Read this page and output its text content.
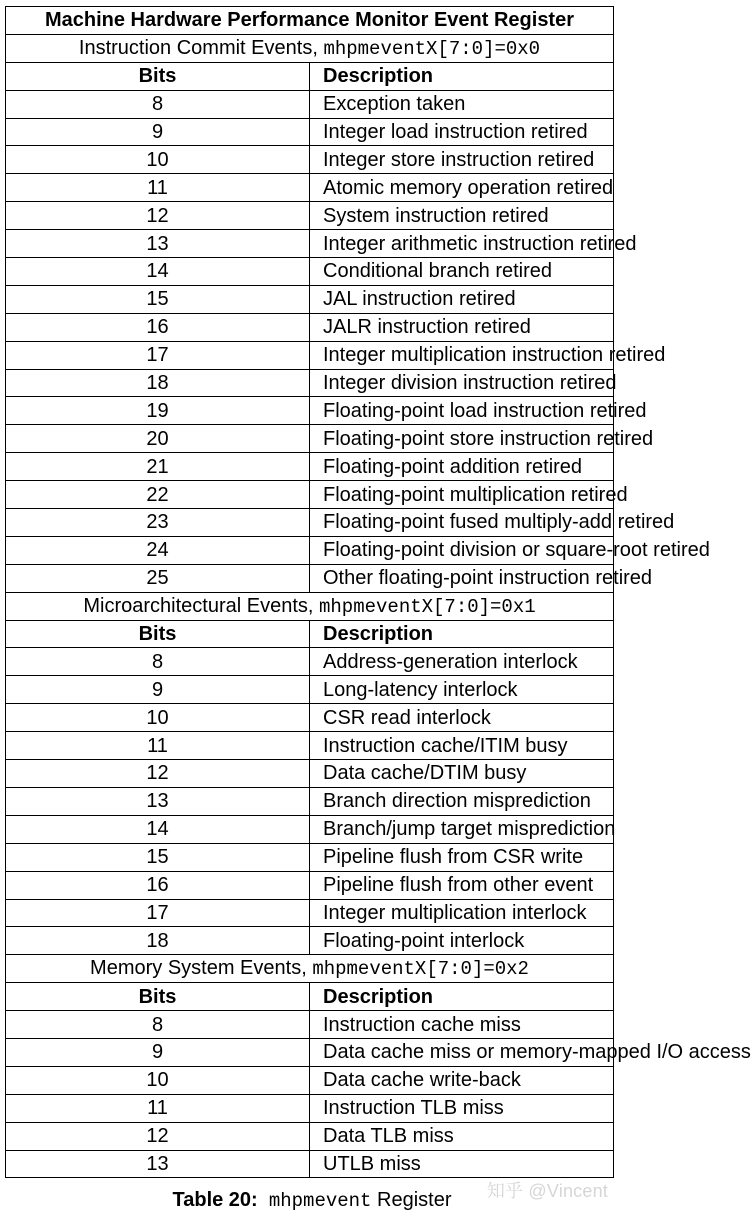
Machine Hardware Performance Monitor Event Register	
Instruction Commit Events, mhpmeventX[7:0]=0x0	
Bits	Description
8	Exception taken
9	Integer load instruction retired
10	Integer store instruction retired
11	Atomic memory operation retired
12	System instruction retired
13	Integer arithmetic instruction retired
14	Conditional branch retired
15	JAL instruction retired
16	JALR instruction retired
17	Integer multiplication instruction retired
18	Integer division instruction retired
19	Floating-point load instruction retired
20	Floating-point store instruction retired
21	Floating-point addition retired
22	Floating-point multiplication retired
23	Floating-point fused multiply-add retired
24	Floating-point division or square-root retired
25	Other floating-point instruction retired
Microarchitectural Events, mhpmeventX[7:0]=0x1	
Bits	Description
8	Address-generation interlock
9	Long-latency interlock
10	CSR read interlock
11	Instruction cache/ITIM busy
12	Data cache/DTIM busy
13	Branch direction misprediction
14	Branch/jump target misprediction
15	Pipeline flush from CSR write
16	Pipeline flush from other event
17	Integer multiplication interlock
18	Floating-point interlock
Memory System Events, mhpmeventX[7:0]=0x2	
Bits	Description
8	Instruction cache miss
9	Data cache miss or memory-mapped I/O access
10	Data cache write-back
11	Instruction TLB miss
12	Data TLB miss
13	UTLB miss
Table 20: mhpmevent Register	知乎 @Vincent
